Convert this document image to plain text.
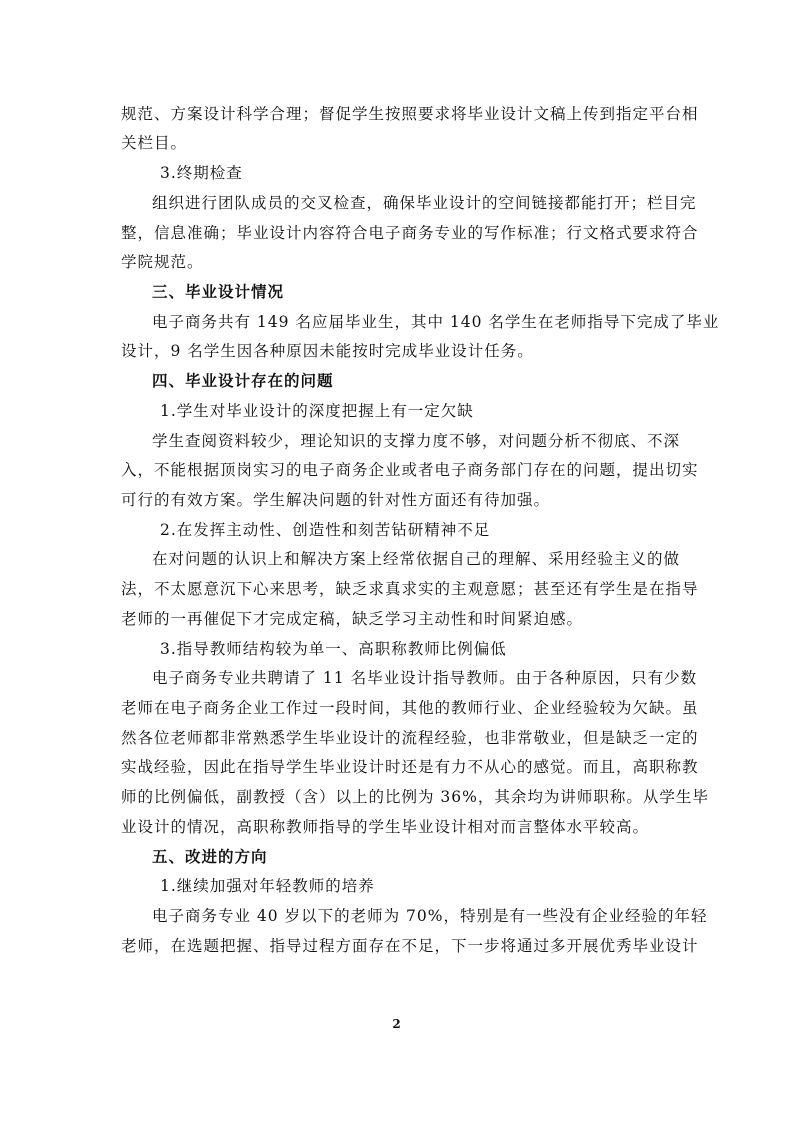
规范、方案设计科学合理；督促学生按照要求将毕业设计文稿上传到指定平台相

关栏目。

3.终期检查

组织进行团队成员的交叉检查，确保毕业设计的空间链接都能打开；栏目完

整，信息准确；毕业设计内容符合电子商务专业的写作标准；行文格式要求符合

学院规范。

三、毕业设计情况

电子商务共有 149 名应届毕业生，其中 140 名学生在老师指导下完成了毕业

设计，9 名学生因各种原因未能按时完成毕业设计任务。

四、毕业设计存在的问题

1.学生对毕业设计的深度把握上有一定欠缺

学生查阅资料较少，理论知识的支撑力度不够，对问题分析不彻底、不深

入，不能根据顶岗实习的电子商务企业或者电子商务部门存在的问题，提出切实

可行的有效方案。学生解决问题的针对性方面还有待加强。

2.在发挥主动性、创造性和刻苦钻研精神不足

在对问题的认识上和解决方案上经常依据自己的理解、采用经验主义的做

法，不太愿意沉下心来思考，缺乏求真求实的主观意愿；甚至还有学生是在指导

老师的一再催促下才完成定稿，缺乏学习主动性和时间紧迫感。

3.指导教师结构较为单一、高职称教师比例偏低

电子商务专业共聘请了 11 名毕业设计指导教师。由于各种原因，只有少数

老师在电子商务企业工作过一段时间，其他的教师行业、企业经验较为欠缺。虽

然各位老师都非常熟悉学生毕业设计的流程经验，也非常敬业，但是缺乏一定的

实战经验，因此在指导学生毕业设计时还是有力不从心的感觉。而且，高职称教

师的比例偏低，副教授（含）以上的比例为 36%，其余均为讲师职称。从学生毕

业设计的情况，高职称教师指导的学生毕业设计相对而言整体水平较高。

五、改进的方向

1.继续加强对年轻教师的培养

电子商务专业 40 岁以下的老师为 70%，特别是有一些没有企业经验的年轻

老师，在选题把握、指导过程方面存在不足，下一步将通过多开展优秀毕业设计

2
